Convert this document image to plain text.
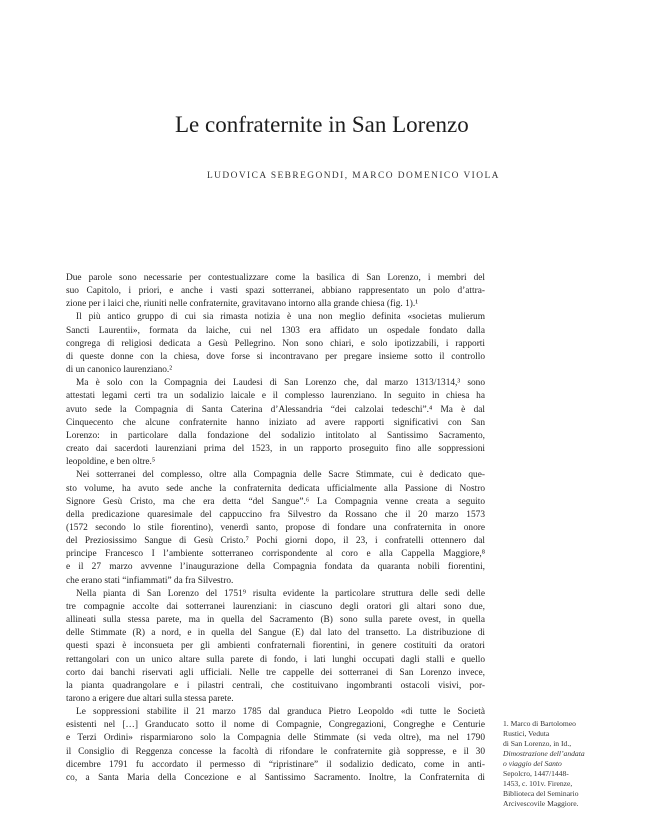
Le confraternite in San Lorenzo
LUDOVICA SEBREGONDI, MARCO DOMENICO VIOLA

Due parole sono necessarie per contestualizzare come la basilica di San Lorenzo, i membri del

suo Capitolo, i priori, e anche i vasti spazi sotterranei, abbiano rappresentato un polo d’attra-

zione per i laici che, riuniti nelle confraternite, gravitavano intorno alla grande chiesa (fig. 1).¹

Il più antico gruppo di cui sia rimasta notizia è una non meglio definita «societas mulierum

Sancti Laurentii», formata da laiche, cui nel 1303 era affidato un ospedale fondato dalla

congrega di religiosi dedicata a Gesù Pellegrino. Non sono chiari, e solo ipotizzabili, i rapporti

di queste donne con la chiesa, dove forse si incontravano per pregare insieme sotto il controllo

di un canonico laurenziano.²

Ma è solo con la Compagnia dei Laudesi di San Lorenzo che, dal marzo 1313/1314,³ sono

attestati legami certi tra un sodalizio laicale e il complesso laurenziano. In seguito in chiesa ha

avuto sede la Compagnia di Santa Caterina d’Alessandria “dei calzolai tedeschi”.⁴ Ma è dal

Cinquecento che alcune confraternite hanno iniziato ad avere rapporti significativi con San

Lorenzo: in particolare dalla fondazione del sodalizio intitolato al Santissimo Sacramento,

creato dai sacerdoti laurenziani prima del 1523, in un rapporto proseguito fino alle soppressioni

leopoldine, e ben oltre.⁵

Nei sotterranei del complesso, oltre alla Compagnia delle Sacre Stimmate, cui è dedicato que-

sto volume, ha avuto sede anche la confraternita dedicata ufficialmente alla Passione di Nostro

Signore Gesù Cristo, ma che era detta “del Sangue”.⁶ La Compagnia venne creata a seguito

della predicazione quaresimale del cappuccino fra Silvestro da Rossano che il 20 marzo 1573

(1572 secondo lo stile fiorentino), venerdì santo, propose di fondare una confraternita in onore

del Preziosissimo Sangue di Gesù Cristo.⁷ Pochi giorni dopo, il 23, i confratelli ottennero dal

principe Francesco I l’ambiente sotterraneo corrispondente al coro e alla Cappella Maggiore,⁸

e il 27 marzo avvenne l’inaugurazione della Compagnia fondata da quaranta nobili fiorentini,

che erano stati “infiammati” da fra Silvestro.

Nella pianta di San Lorenzo del 1751⁹ risulta evidente la particolare struttura delle sedi delle

tre compagnie accolte dai sotterranei laurenziani: in ciascuno degli oratori gli altari sono due,

allineati sulla stessa parete, ma in quella del Sacramento (B) sono sulla parete ovest, in quella

delle Stimmate (R) a nord, e in quella del Sangue (E) dal lato del transetto. La distribuzione di

questi spazi è inconsueta per gli ambienti confraternali fiorentini, in genere costituiti da oratori

rettangolari con un unico altare sulla parete di fondo, i lati lunghi occupati dagli stalli e quello

corto dai banchi riservati agli ufficiali. Nelle tre cappelle dei sotterranei di San Lorenzo invece,

la pianta quadrangolare e i pilastri centrali, che costituivano ingombranti ostacoli visivi, por-

tarono a erigere due altari sulla stessa parete.

Le soppressioni stabilite il 21 marzo 1785 dal granduca Pietro Leopoldo «di tutte le Società

esistenti nel […] Granducato sotto il nome di Compagnie, Congregazioni, Congreghe e Centurie

e Terzi Ordini» risparmiarono solo la Compagnia delle Stimmate (si veda oltre), ma nel 1790

il Consiglio di Reggenza concesse la facoltà di rifondare le confraternite già soppresse, e il 30

dicembre 1791 fu accordato il permesso di “ripristinare” il sodalizio dedicato, come in anti-

co, a Santa Maria della Concezione e al Santissimo Sacramento. Inoltre, la Confraternita di

1. Marco di Bartolomeo
Rustici, Veduta
di San Lorenzo, in Id.,
Dimostrazione dell’andata
o viaggio del Santo
Sepolcro, 1447/1448-
1453, c. 101v. Firenze,
Biblioteca del Seminario
Arcivescovile Maggiore.
